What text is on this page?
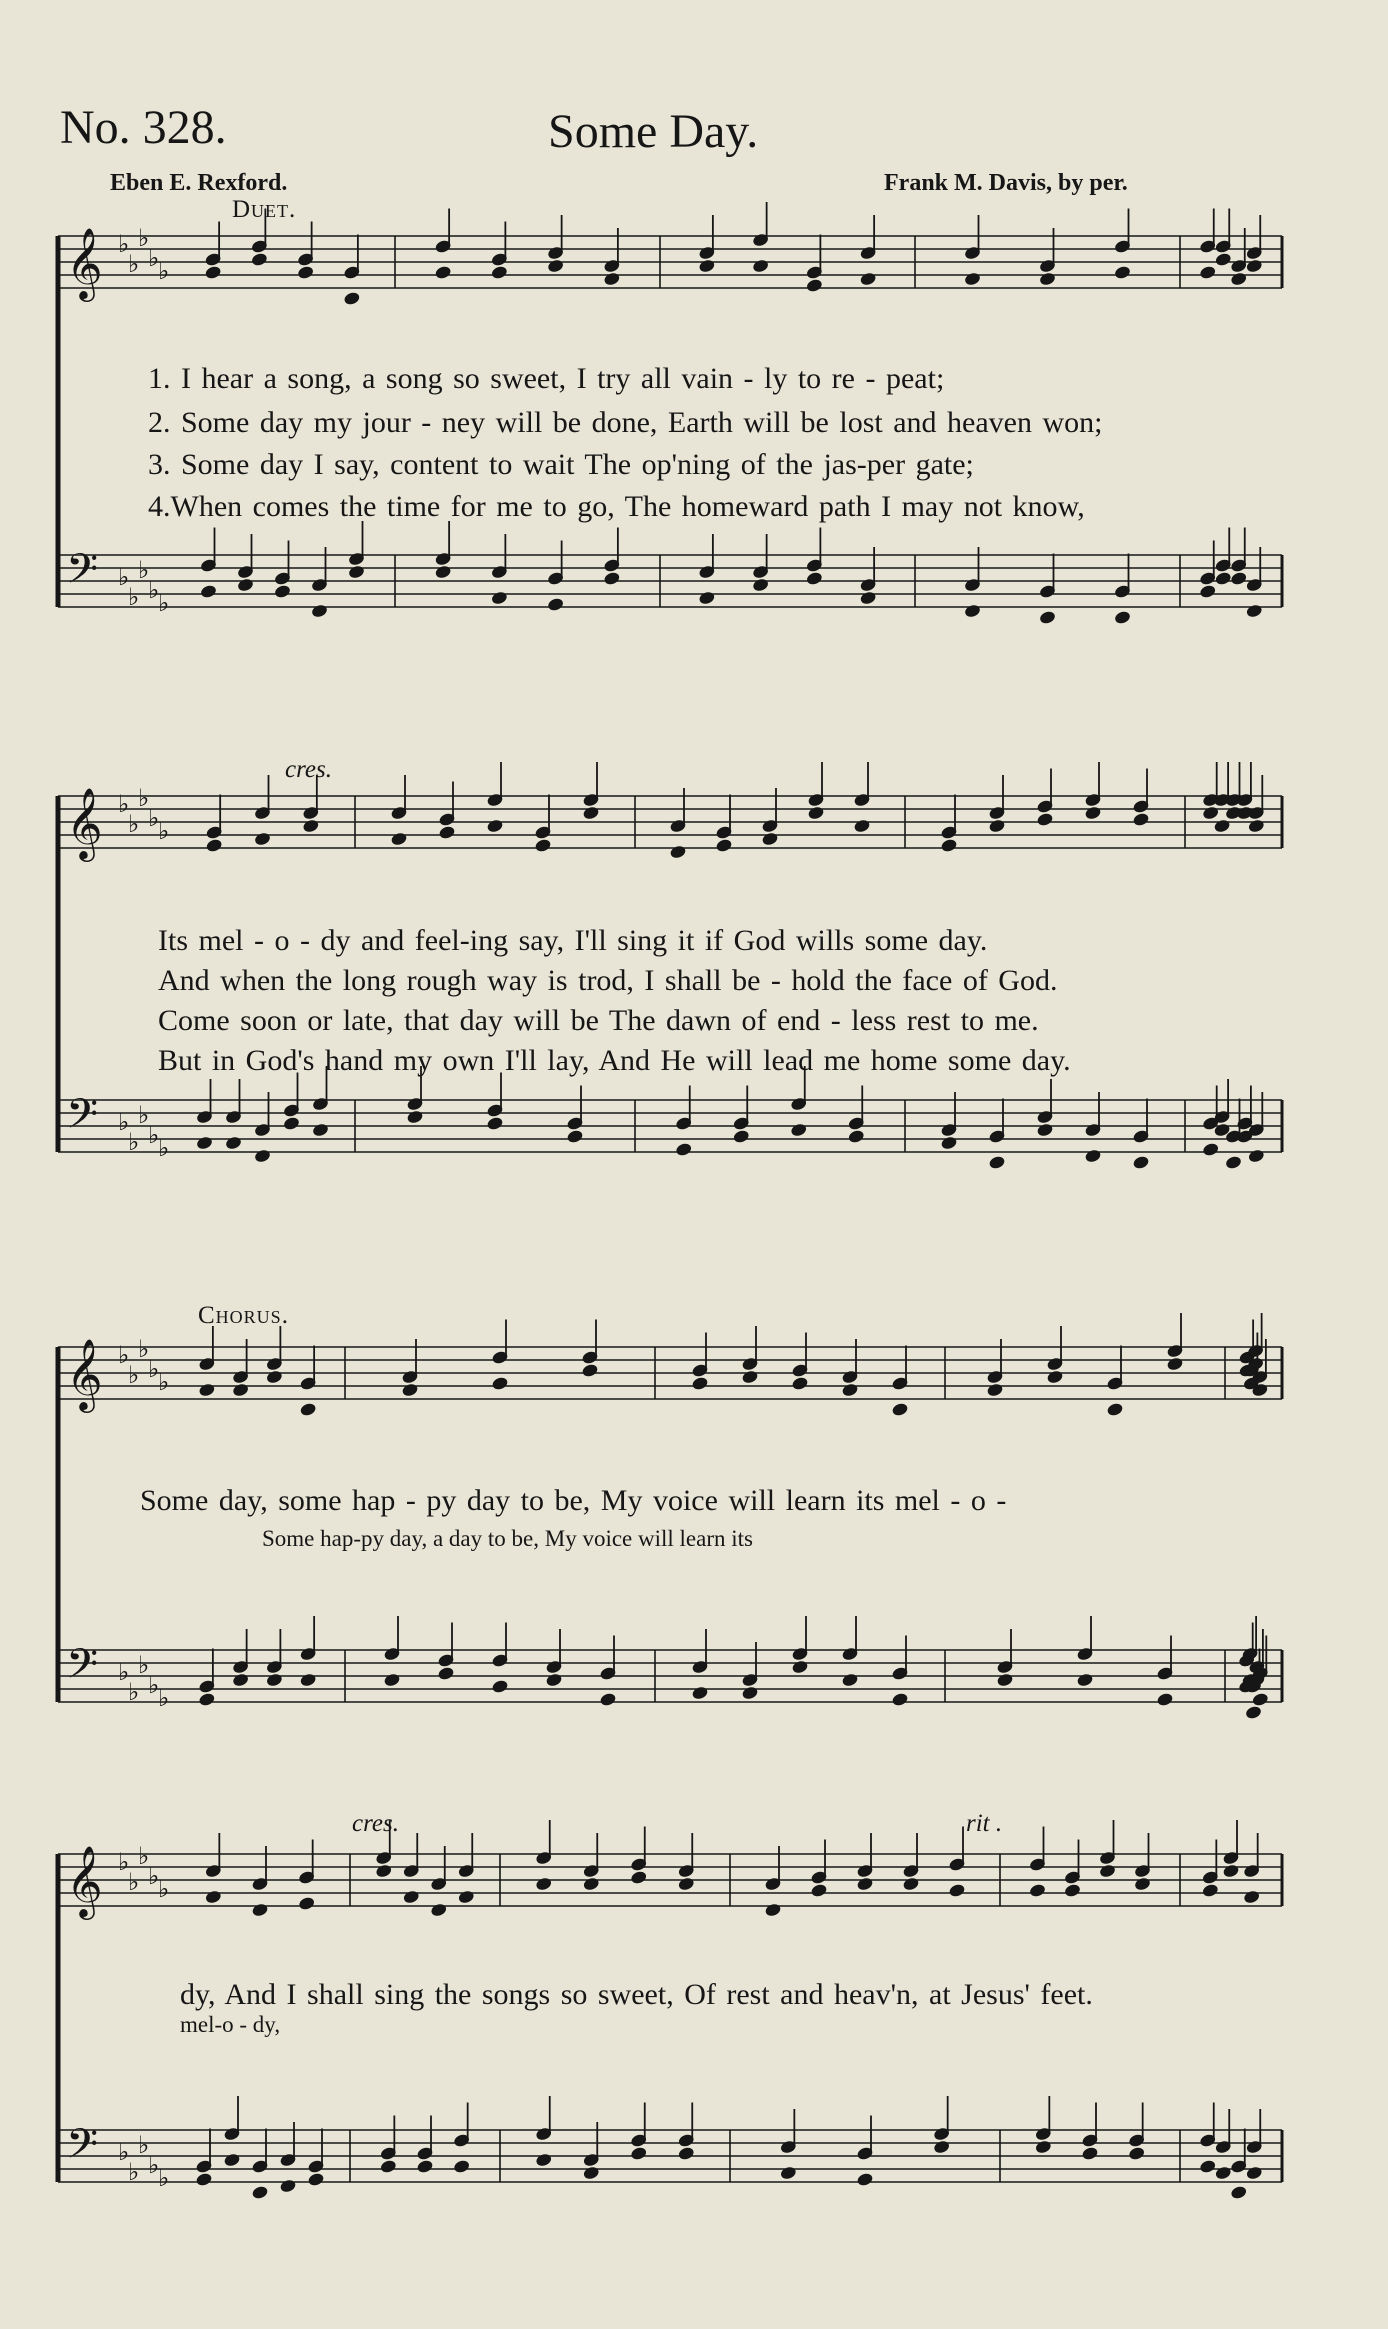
No. 328.	Some Day.
Eben E. Rexford.	Frank M. Davis, by per.
Duet.
cres.
Chorus.
cres.	rit .
𝄞 ♭
♭
♭
♭
♭
𝄢 ♭
♭
♭
♭
♭
𝄞 ♭
♭
♭
♭
♭
𝄢 ♭
♭
♭
♭
♭
𝄞 ♭
♭
♭
♭
♭
𝄢 ♭
♭
♭
♭
♭
𝄞 ♭
♭
♭
♭
♭
𝄢 ♭
♭
♭
♭
♭
1. I hear a song, a song so sweet, I try all vain - ly to re - peat;
2. Some day my jour - ney will be done, Earth will be lost and heaven won;
3. Some day I say, content to wait The op'ning of the jas-per gate;
4.When comes the time for me to go, The homeward path I may not know,
Its mel - o - dy and feel-ing say, I'll sing it if God wills some day.
And when the long rough way is trod, I shall be - hold the face of God.
Come soon or late, that day will be The dawn of end - less rest to me.
But in God's hand my own I'll lay, And He will lead me home some day.
Some day, some hap - py day to be, My voice will learn its mel - o -
Some hap-py day, a day to be, My voice will learn its
dy, And I shall sing the songs so sweet, Of rest and heav'n, at Jesus' feet.
mel-o - dy,
